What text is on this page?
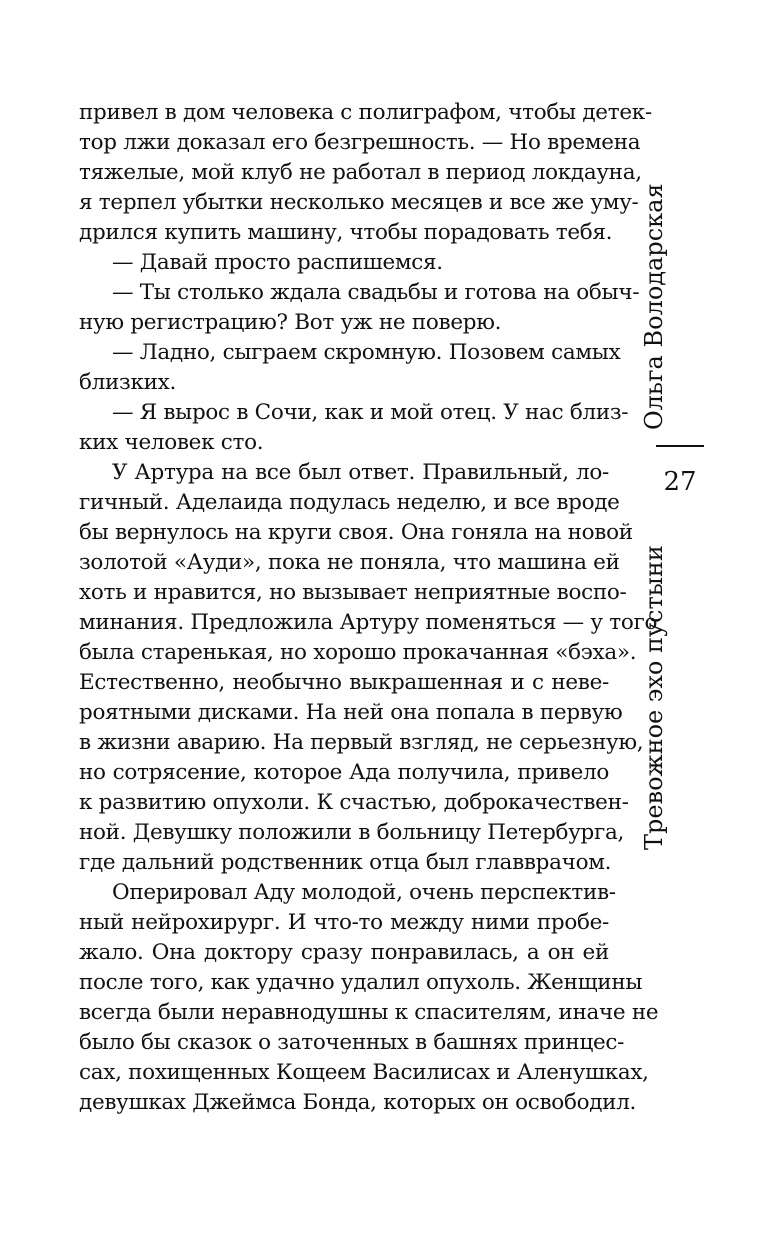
привел в дом человека с полиграфом, чтобы детек-
тор лжи доказал его безгрешность. — Но времена
тяжелые, мой клуб не работал в период локдауна,
я терпел убытки несколько месяцев и все же уму-
дрился купить машину, чтобы порадовать тебя.
— Давай просто распишемся.
— Ты столько ждала свадьбы и готова на обыч-
ную регистрацию? Вот уж не поверю.
— Ладно, сыграем скромную. Позовем самых
близких.
— Я вырос в Сочи, как и мой отец. У нас близ-
ких человек сто.
У Артура на все был ответ. Правильный, ло-
гичный. Аделаида подулась неделю, и все вроде
бы вернулось на круги своя. Она гоняла на новой
золотой «Ауди», пока не поняла, что машина ей
хоть и нравится, но вызывает неприятные воспо-
минания. Предложила Артуру поменяться — у того
была старенькая, но хорошо прокачанная «бэха».
Естественно, необычно выкрашенная и с неве-
роятными дисками. На ней она попала в первую
в жизни аварию. На первый взгляд, не серьезную,
но сотрясение, которое Ада получила, привело
к развитию опухоли. К счастью, доброкачествен-
ной. Девушку положили в больницу Петербурга,
где дальний родственник отца был главврачом.
Оперировал Аду молодой, очень перспектив-
ный нейрохирург. И что-то между ними пробе-
жало. Она доктору сразу понравилась, а он ей
после того, как удачно удалил опухоль. Женщины
всегда были неравнодушны к спасителям, иначе не
было бы сказок о заточенных в башнях принцес-
сах, похищенных Кощеем Василисах и Аленушках,
девушках Джеймса Бонда, которых он освободил.
Ольга Володарская
27
Тревожное эхо пустыни
